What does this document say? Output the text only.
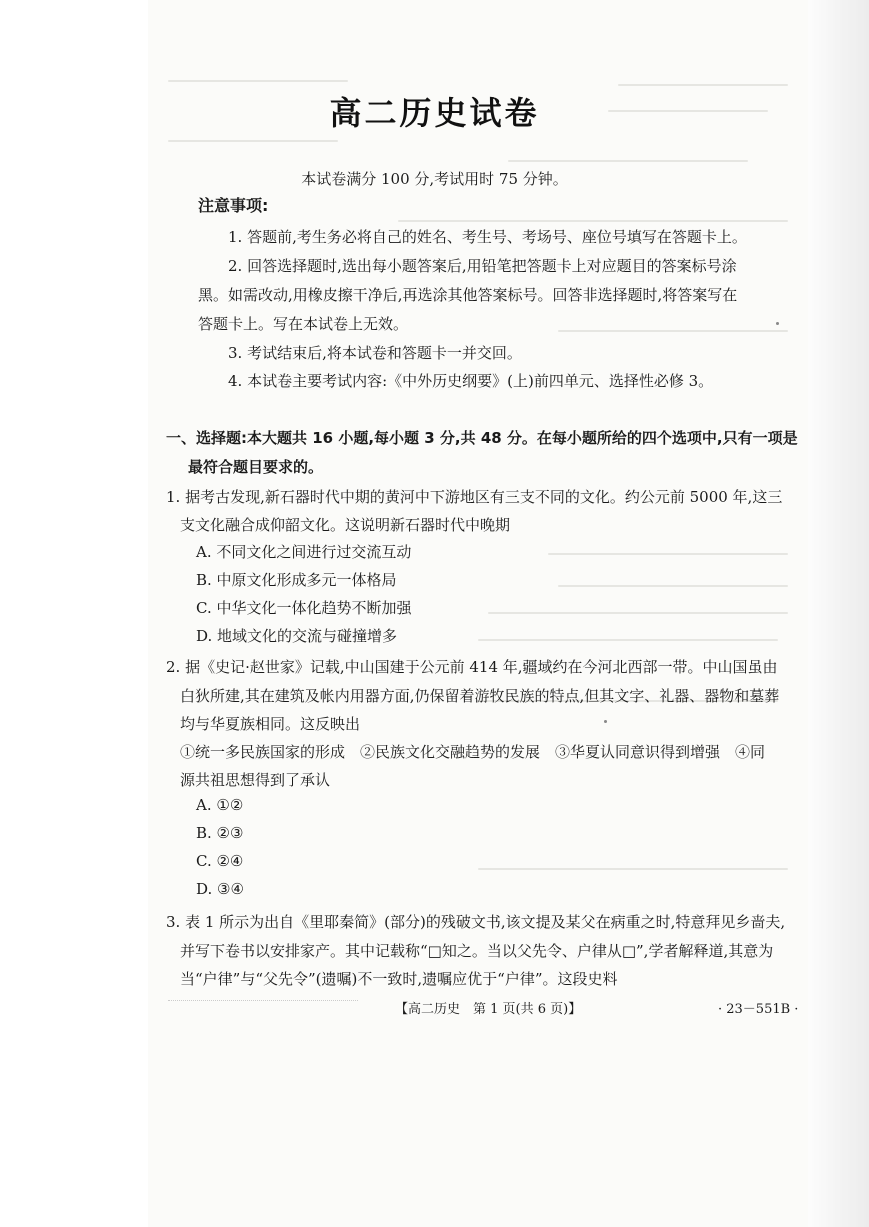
高二历史试卷
本试卷满分 100 分,考试用时 75 分钟。
注意事项:
1. 答题前,考生务必将自己的姓名、考生号、考场号、座位号填写在答题卡上。
2. 回答选择题时,选出每小题答案后,用铅笔把答题卡上对应题目的答案标号涂
黑。如需改动,用橡皮擦干净后,再选涂其他答案标号。回答非选择题时,将答案写在
答题卡上。写在本试卷上无效。
3. 考试结束后,将本试卷和答题卡一并交回。
4. 本试卷主要考试内容:《中外历史纲要》(上)前四单元、选择性必修 3。
一、选择题:本大题共 16 小题,每小题 3 分,共 48 分。在每小题所给的四个选项中,只有一项是
最符合题目要求的。
1. 据考古发现,新石器时代中期的黄河中下游地区有三支不同的文化。约公元前 5000 年,这三
支文化融合成仰韶文化。这说明新石器时代中晚期
A. 不同文化之间进行过交流互动
B. 中原文化形成多元一体格局
C. 中华文化一体化趋势不断加强
D. 地域文化的交流与碰撞增多
2. 据《史记·赵世家》记载,中山国建于公元前 414 年,疆域约在今河北西部一带。中山国虽由
白狄所建,其在建筑及帐内用器方面,仍保留着游牧民族的特点,但其文字、礼器、器物和墓葬
均与华夏族相同。这反映出
①统一多民族国家的形成　②民族文化交融趋势的发展　③华夏认同意识得到增强　④同
源共祖思想得到了承认
A. ①②
B. ②③
C. ②④
D. ③④
3. 表 1 所示为出自《里耶秦简》(部分)的残破文书,该文提及某父在病重之时,特意拜见乡啬夫,
并写下卷书以安排家产。其中记载称“□知之。当以父先令、户律从□”,学者解释道,其意为
当“户律”与“父先令”(遗嘱)不一致时,遗嘱应优于“户律”。这段史料
【高二历史　第 1 页(共 6 页)】	· 23－551B ·
